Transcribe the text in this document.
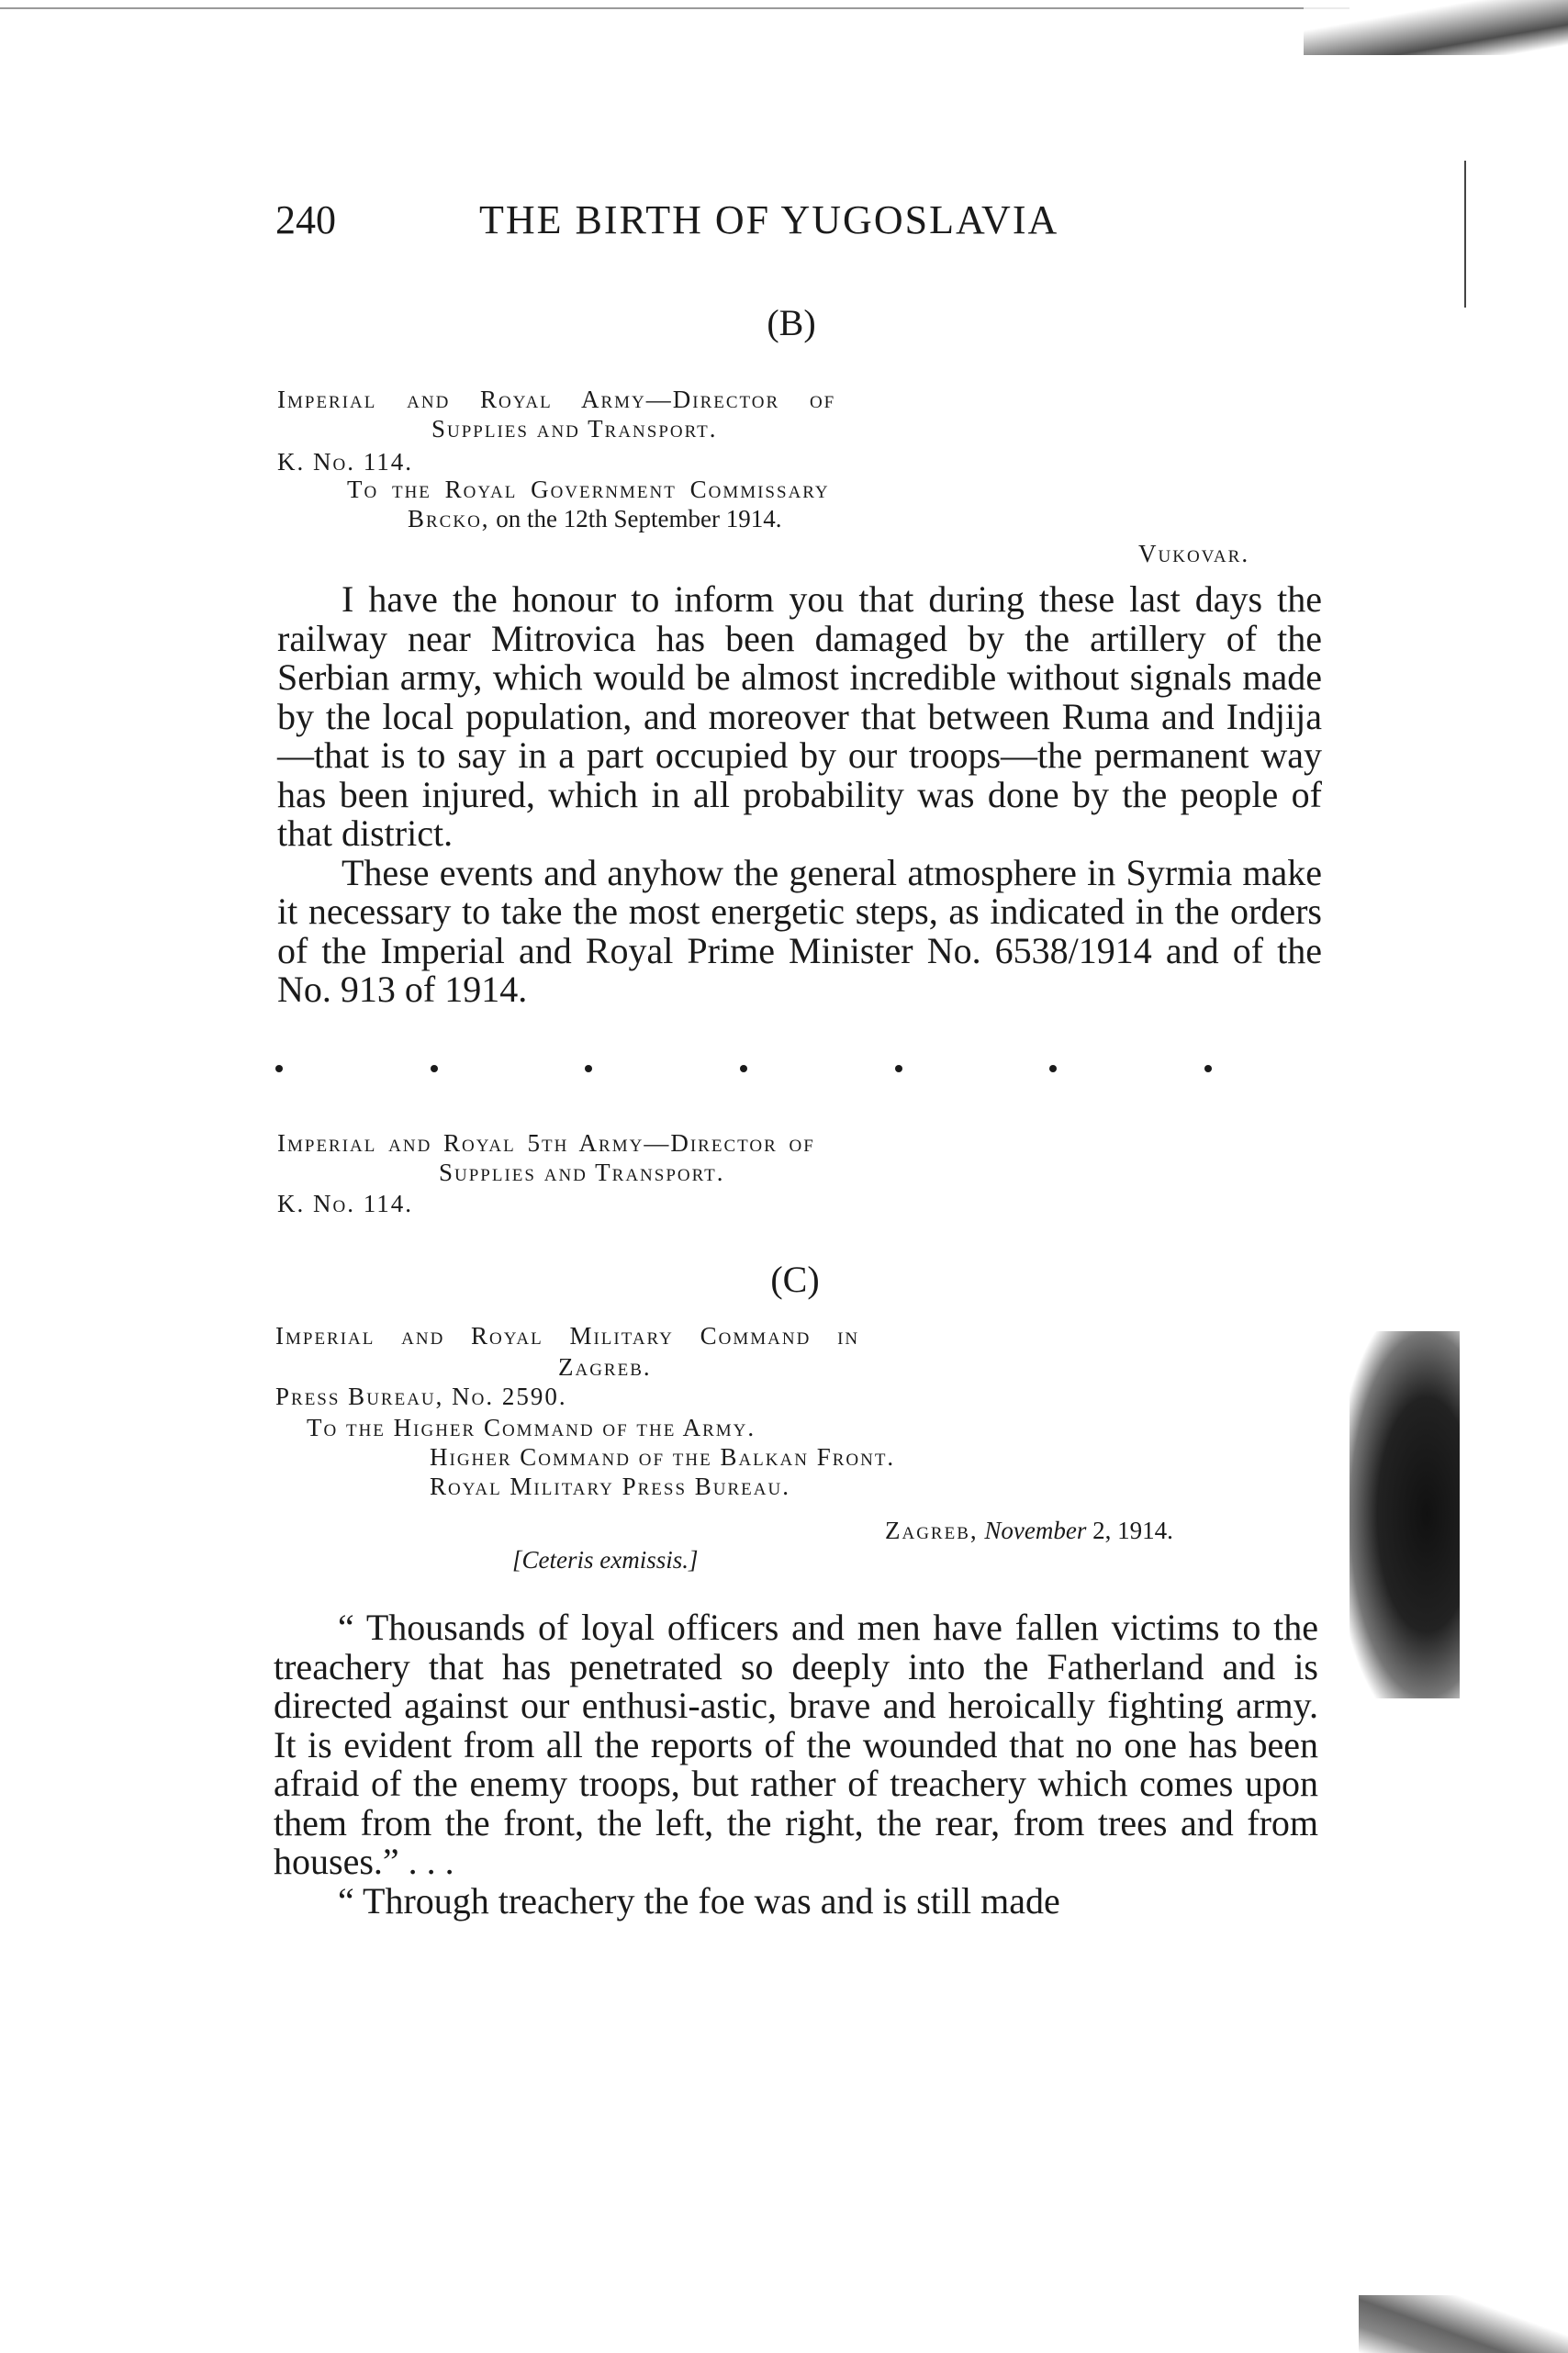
240	THE BIRTH OF YUGOSLAVIA
(B)
Imperial and Royal Army—Director of
Supplies and Transport.
K. No. 114.
To the Royal Government Commissary
Brcko, on the 12th September 1914.
Vukovar.

I have the honour to inform you that during these last days the railway near Mitrovica has been damaged by the artillery of the Serbian army, which would be almost incredible without signals made by the local population, and moreover that between Ruma and Indjija—that is to say in a part occupied by our troops—the permanent way has been injured, which in all probability was done by the people of that district.

These events and anyhow the general atmosphere in Syrmia make it necessary to take the most energetic steps, as indicated in the orders of the Imperial and Royal Prime Minister No. 6538/1914 and of the No. 913 of 1914.

Imperial and Royal 5th Army—Director of
Supplies and Transport.
K. No. 114.
(C)
Imperial and Royal Military Command in
Zagreb.
Press Bureau, No. 2590.
To the Higher Command of the Army.
Higher Command of the Balkan Front.
Royal Military Press Bureau.
Zagreb, November 2, 1914.
[Ceteris exmissis.]

“ Thousands of loyal officers and men have fallen victims to the treachery that has penetrated so deeply into the Fatherland and is directed against our enthusi-astic, brave and heroically fighting army. It is evident from all the reports of the wounded that no one has been afraid of the enemy troops, but rather of treachery which comes upon them from the front, the left, the right, the rear, from trees and from houses.” . . .

“ Through treachery the foe was and is still made
